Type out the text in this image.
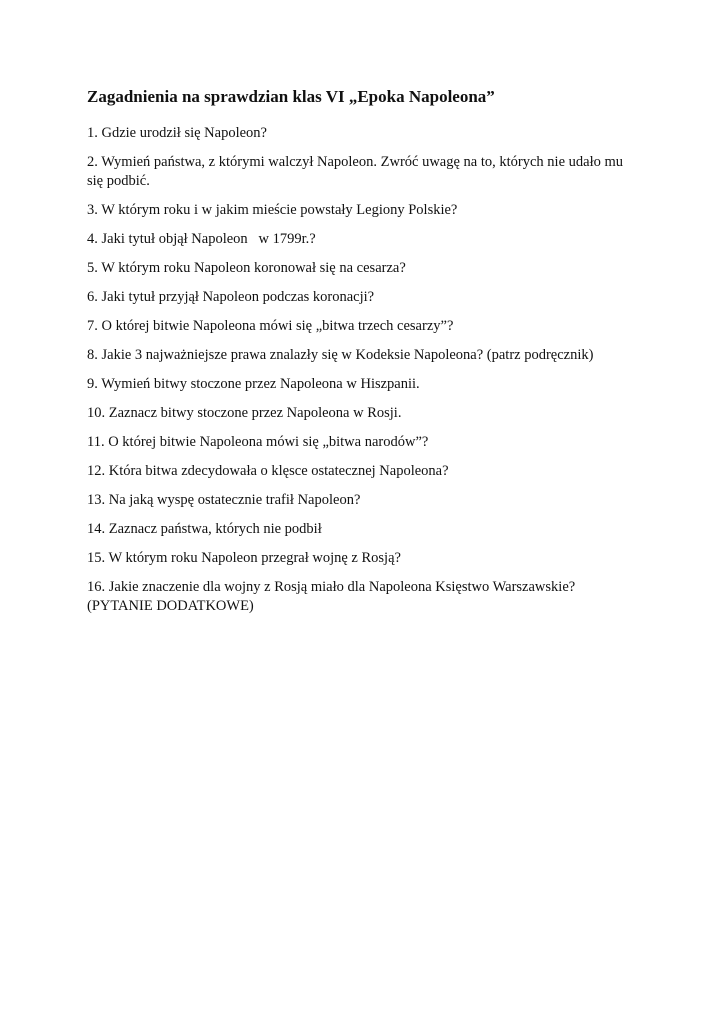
Zagadnienia na sprawdzian klas VI „Epoka Napoleona”
1. Gdzie urodził się Napoleon?
2. Wymień państwa, z którymi walczył Napoleon. Zwróć uwagę na to, których nie udało mu
się podbić.
3. W którym roku i w jakim mieście powstały Legiony Polskie?
4. Jaki tytuł objął Napoleon   w 1799r.?
5. W którym roku Napoleon koronował się na cesarza?
6. Jaki tytuł przyjął Napoleon podczas koronacji?
7. O której bitwie Napoleona mówi się „bitwa trzech cesarzy”?
8. Jakie 3 najważniejsze prawa znalazły się w Kodeksie Napoleona? (patrz podręcznik)
9. Wymień bitwy stoczone przez Napoleona w Hiszpanii.
10. Zaznacz bitwy stoczone przez Napoleona w Rosji.
11. O której bitwie Napoleona mówi się „bitwa narodów”?
12. Która bitwa zdecydowała o klęsce ostatecznej Napoleona?
13. Na jaką wyspę ostatecznie trafił Napoleon?
14. Zaznacz państwa, których nie podbił
15. W którym roku Napoleon przegrał wojnę z Rosją?
16. Jakie znaczenie dla wojny z Rosją miało dla Napoleona Księstwo Warszawskie?
(PYTANIE DODATKOWE)
